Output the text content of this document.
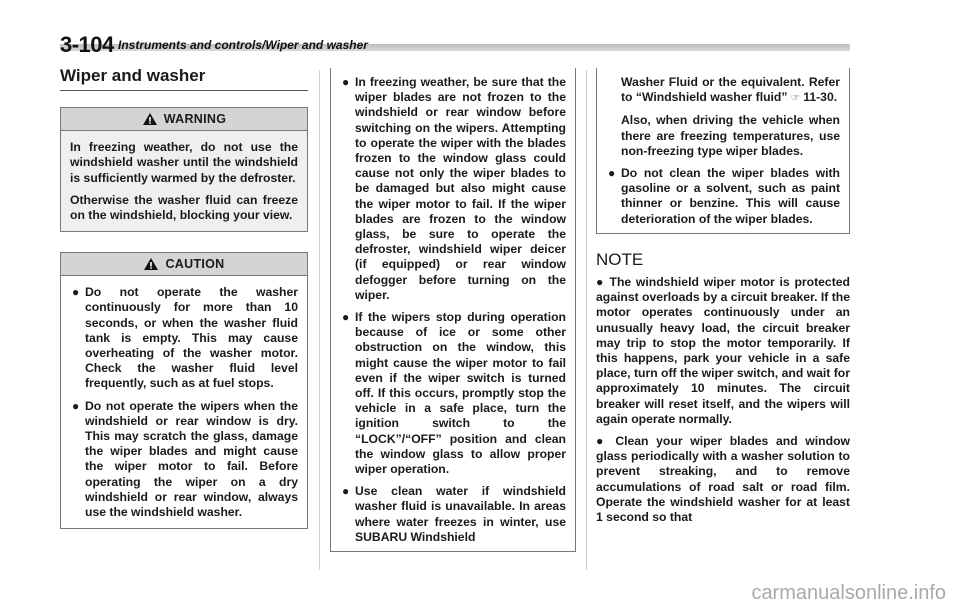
3-104 Instruments and controls/Wiper and washer
Wiper and washer
WARNING

In freezing weather, do not use the windshield washer until the windshield is sufficiently warmed by the defroster.

Otherwise the washer fluid can freeze on the windshield, blocking your view.

CAUTION
● Do not operate the washer continuously for more than 10 seconds, or when the washer fluid tank is empty. This may cause overheating of the washer motor. Check the washer fluid level frequently, such as at fuel stops.
● Do not operate the wipers when the windshield or rear window is dry. This may scratch the glass, damage the wiper blades and might cause the wiper motor to fail. Before operating the wiper on a dry windshield or rear window, always use the windshield washer.
● In freezing weather, be sure that the wiper blades are not frozen to the windshield or rear window before switching on the wipers. Attempting to operate the wiper with the blades frozen to the window glass could cause not only the wiper blades to be damaged but also might cause the wiper motor to fail. If the wiper blades are frozen to the window glass, be sure to operate the defroster, windshield wiper deicer (if equipped) or rear window defogger before turning on the wiper.
● If the wipers stop during operation because of ice or some other obstruction on the window, this might cause the wiper motor to fail even if the wiper switch is turned off. If this occurs, promptly stop the vehicle in a safe place, turn the ignition switch to the “LOCK”/“OFF” position and clean the window glass to allow proper wiper operation.
● Use clean water if windshield washer fluid is unavailable. In areas where water freezes in winter, use SUBARU Windshield

Washer Fluid or the equivalent. Refer to “Windshield washer fluid” ☞ 11-30.

Also, when driving the vehicle when there are freezing temperatures, use non-freezing type wiper blades.

● Do not clean the wiper blades with gasoline or a solvent, such as paint thinner or benzine. This will cause deterioration of the wiper blades.
NOTE

● The windshield wiper motor is protected against overloads by a circuit breaker. If the motor operates continuously under an unusually heavy load, the circuit breaker may trip to stop the motor temporarily. If this happens, park your vehicle in a safe place, turn off the wiper switch, and wait for approximately 10 minutes. The circuit breaker will reset itself, and the wipers will again operate normally.

● Clean your wiper blades and window glass periodically with a washer solution to prevent streaking, and to remove accumulations of road salt or road film. Operate the windshield washer for at least 1 second so that

carmanualsonline.info
